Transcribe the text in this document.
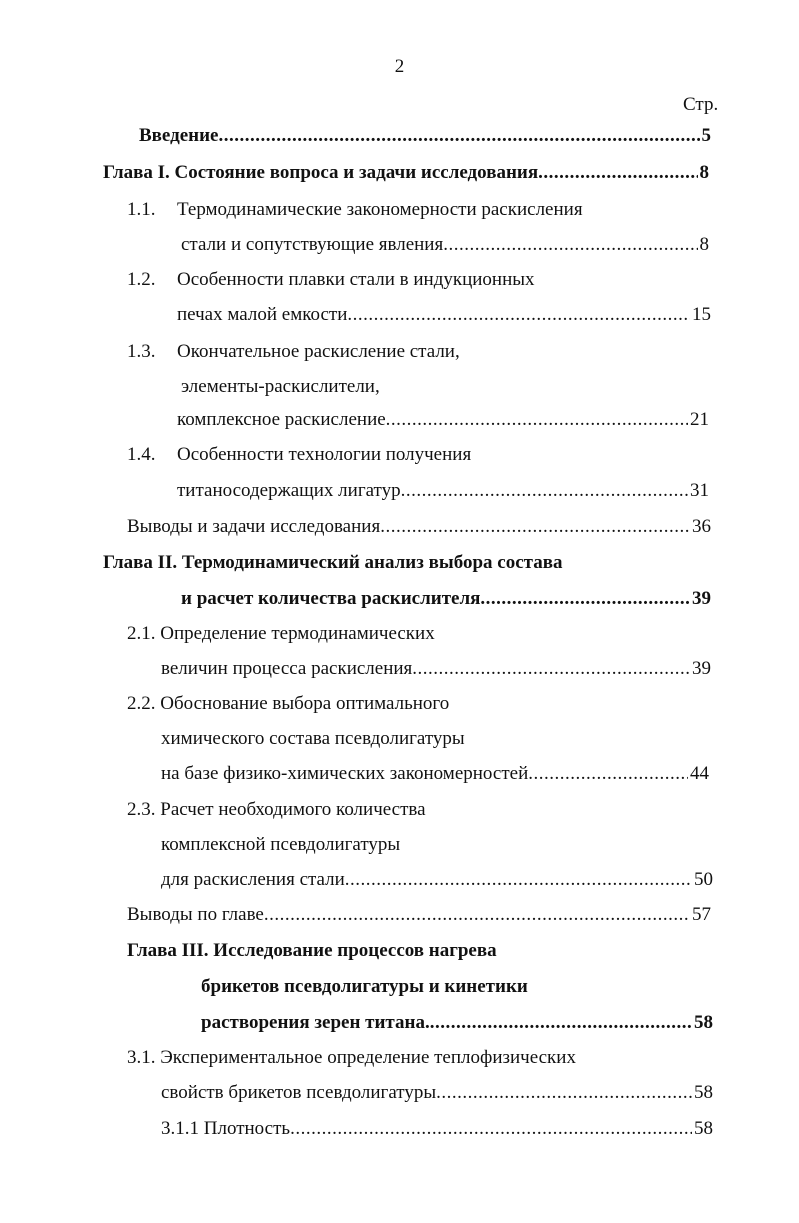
2
Стр.
Введение .....	5
Глава I. Состояние вопроса и задачи исследования .....	8
1.1. Термодинамические закономерности раскисления
стали и сопутствующие явления .....	8
1.2. Особенности плавки стали в индукционных
печах малой емкости .....	15
1.3. Окончательное раскисление стали,
элементы-раскислители,
комплексное раскисление .....	21
1.4. Особенности технологии получения
титаносодержащих лигатур .....	31
Выводы и задачи исследования .....	36
Глава II. Термодинамический анализ выбора состава
и расчет количества раскислителя .....	39
2.1. Определение термодинамических
величин процесса раскисления .....	39
2.2. Обоснование выбора оптимального
химического состава псевдолигатуры
на базе физико-химических закономерностей .....	44
2.3. Расчет необходимого количества
комплексной псевдолигатуры
для раскисления стали .....	50
Выводы по главе .....	57
Глава III. Исследование процессов нагрева
брикетов псевдолигатуры и кинетики
растворения зерен титана. .....	58
3.1. Экспериментальное определение теплофизических
свойств брикетов псевдолигатуры .....	58
3.1.1 Плотность .....	58
